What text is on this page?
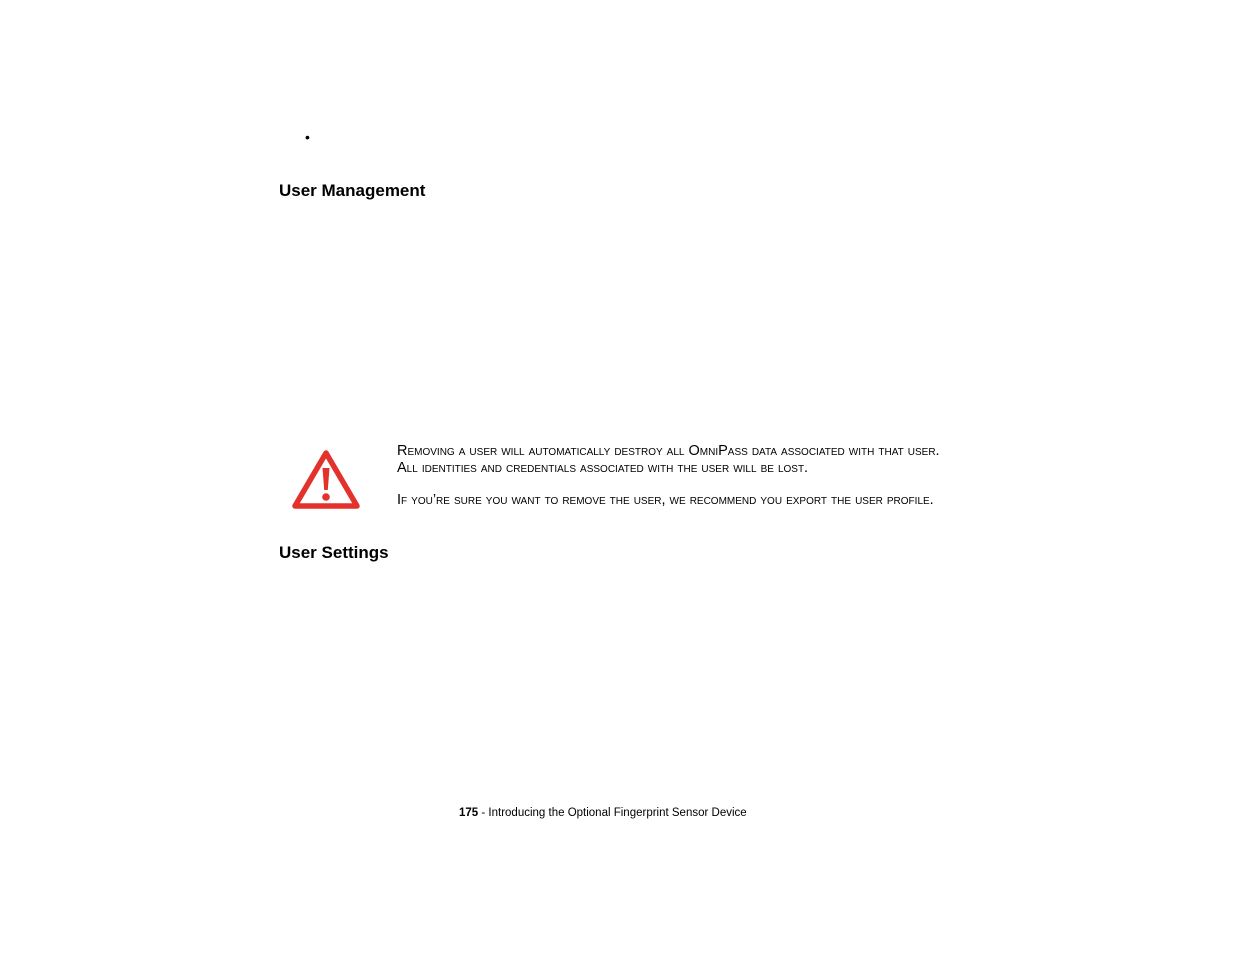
•
User Management

Removing a user will automatically destroy all OmniPass data associated with that user.
All identities and credentials associated with the user will be lost.

If you’re sure you want to remove the user, we recommend you export the user profile.

User Settings
175 - Introducing the Optional Fingerprint Sensor Device
